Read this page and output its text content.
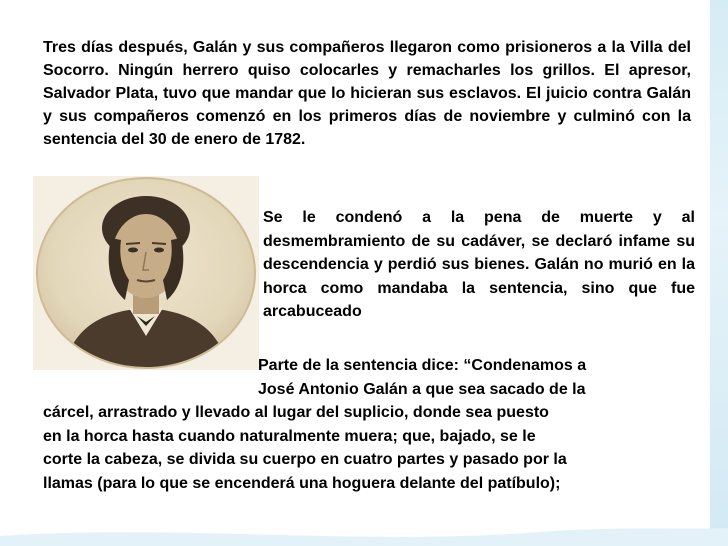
Tres días después, Galán y sus compañeros llegaron como prisioneros a la Villa del Socorro. Ningún herrero quiso colocarles y remacharles los grillos. El apresor, Salvador Plata, tuvo que mandar que lo hicieran sus esclavos. El juicio contra Galán y sus compañeros comenzó en los primeros días de noviembre y culminó con la sentencia del 30 de enero de 1782.
Se le condenó a la pena de muerte y al desmembramiento de su cadáver, se declaró infame su descendencia y perdió sus bienes. Galán no murió en la horca como mandaba la sentencia, sino que fue arcabuceado
Parte de la sentencia dice: “Condenamos a
José Antonio Galán a que sea sacado de la
cárcel, arrastrado y llevado al lugar del suplicio, donde sea puesto
en la horca hasta cuando naturalmente muera; que, bajado, se le
corte la cabeza, se divida su cuerpo en cuatro partes y pasado por la
llamas (para lo que se encenderá una hoguera delante del patíbulo);
